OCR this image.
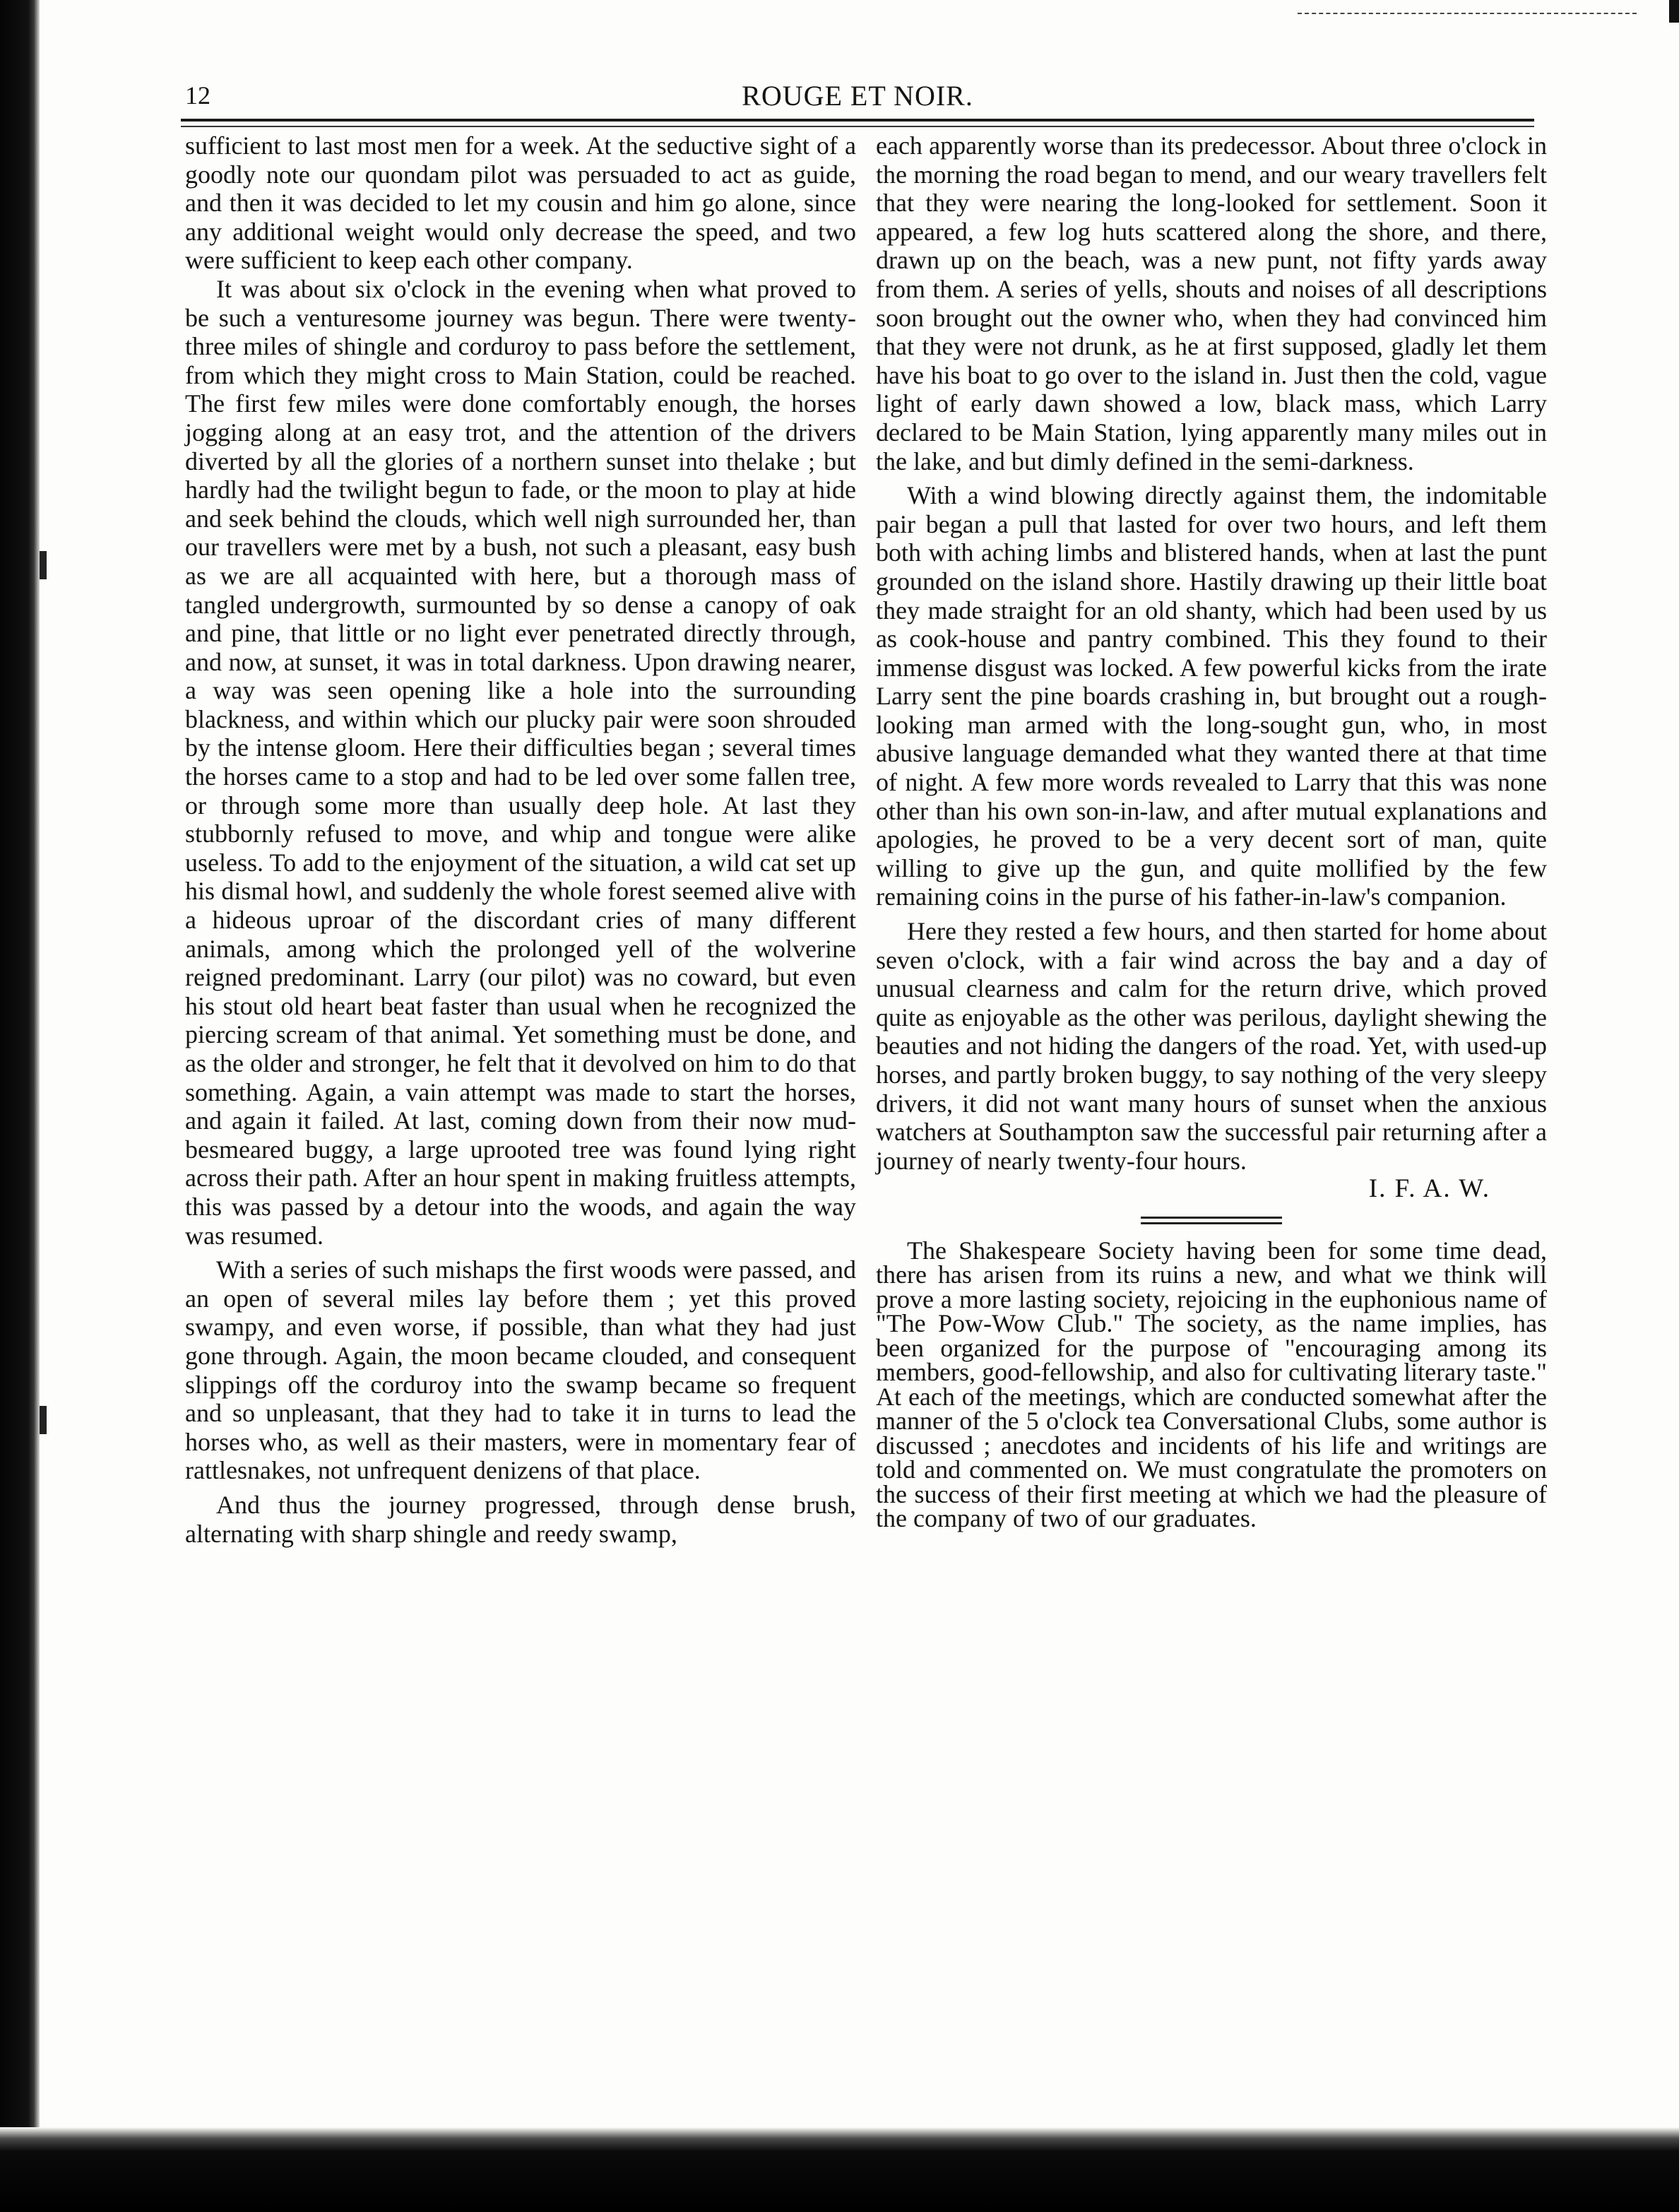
12	ROUGE ET NOIR.

sufficient to last most men for a week. At the seductive sight of a goodly note our quondam pilot was persuaded to act as guide, and then it was decided to let my cousin and him go alone, since any additional weight would only decrease the speed, and two were sufficient to keep each other company.

It was about six o'clock in the evening when what proved to be such a venturesome journey was begun. There were twenty-three miles of shingle and corduroy to pass before the settlement, from which they might cross to Main Station, could be reached. The first few miles were done comfortably enough, the horses jogging along at an easy trot, and the attention of the drivers diverted by all the glories of a northern sunset into thelake ; but hardly had the twilight begun to fade, or the moon to play at hide and seek behind the clouds, which well nigh surrounded her, than our travellers were met by a bush, not such a pleasant, easy bush as we are all acquainted with here, but a thorough mass of tangled undergrowth, surmounted by so dense a canopy of oak and pine, that little or no light ever penetrated directly through, and now, at sunset, it was in total darkness. Upon drawing nearer, a way was seen opening like a hole into the surrounding blackness, and within which our plucky pair were soon shrouded by the intense gloom. Here their difficulties began ; several times the horses came to a stop and had to be led over some fallen tree, or through some more than usually deep hole. At last they stubbornly refused to move, and whip and tongue were alike useless. To add to the enjoyment of the situation, a wild cat set up his dismal howl, and suddenly the whole forest seemed alive with a hideous uproar of the discordant cries of many different animals, among which the prolonged yell of the wolverine reigned predominant. Larry (our pilot) was no coward, but even his stout old heart beat faster than usual when he recognized the piercing scream of that animal. Yet something must be done, and as the older and stronger, he felt that it devolved on him to do that something. Again, a vain attempt was made to start the horses, and again it failed. At last, coming down from their now mud-besmeared buggy, a large uprooted tree was found lying right across their path. After an hour spent in making fruitless attempts, this was passed by a detour into the woods, and again the way was resumed.

With a series of such mishaps the first woods were passed, and an open of several miles lay before them ; yet this proved swampy, and even worse, if possible, than what they had just gone through. Again, the moon became clouded, and consequent slippings off the corduroy into the swamp became so frequent and so unpleasant, that they had to take it in turns to lead the horses who, as well as their masters, were in momentary fear of rattlesnakes, not unfrequent denizens of that place.

And thus the journey progressed, through dense brush, alternating with sharp shingle and reedy swamp,

each apparently worse than its predecessor. About three o'clock in the morning the road began to mend, and our weary travellers felt that they were nearing the long-looked for settlement. Soon it appeared, a few log huts scattered along the shore, and there, drawn up on the beach, was a new punt, not fifty yards away from them. A series of yells, shouts and noises of all descriptions soon brought out the owner who, when they had convinced him that they were not drunk, as he at first supposed, gladly let them have his boat to go over to the island in. Just then the cold, vague light of early dawn showed a low, black mass, which Larry declared to be Main Station, lying apparently many miles out in the lake, and but dimly defined in the semi-darkness.

With a wind blowing directly against them, the indomitable pair began a pull that lasted for over two hours, and left them both with aching limbs and blistered hands, when at last the punt grounded on the island shore. Hastily drawing up their little boat they made straight for an old shanty, which had been used by us as cook-house and pantry combined. This they found to their immense disgust was locked. A few powerful kicks from the irate Larry sent the pine boards crashing in, but brought out a rough-looking man armed with the long-sought gun, who, in most abusive language demanded what they wanted there at that time of night. A few more words revealed to Larry that this was none other than his own son-in-law, and after mutual explanations and apologies, he proved to be a very decent sort of man, quite willing to give up the gun, and quite mollified by the few remaining coins in the purse of his father-in-law's companion.

Here they rested a few hours, and then started for home about seven o'clock, with a fair wind across the bay and a day of unusual clearness and calm for the return drive, which proved quite as enjoyable as the other was perilous, daylight shewing the beauties and not hiding the dangers of the road. Yet, with used-up horses, and partly broken buggy, to say nothing of the very sleepy drivers, it did not want many hours of sunset when the anxious watchers at Southampton saw the successful pair returning after a journey of nearly twenty-four hours.

I. F. A. W.

The Shakespeare Society having been for some time dead, there has arisen from its ruins a new, and what we think will prove a more lasting society, rejoicing in the euphonious name of "The Pow-Wow Club." The society, as the name implies, has been organized for the purpose of "encouraging among its members, good-fellowship, and also for cultivating literary taste." At each of the meetings, which are conducted somewhat after the manner of the 5 o'clock tea Conversational Clubs, some author is discussed ; anecdotes and incidents of his life and writings are told and commented on. We must congratulate the promoters on the success of their first meeting at which we had the pleasure of the company of two of our graduates.
